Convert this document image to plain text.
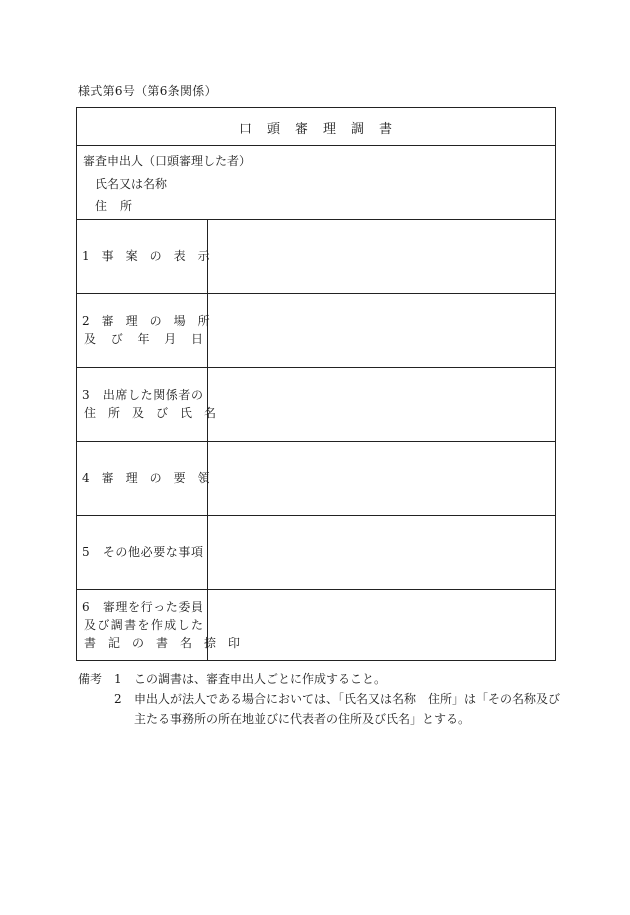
様式第6号（第6条関係）
口　頭　審　理　調　書
審査申出人（口頭審理した者）
氏名又は名称
住所
1　事　案　の　表　示
2　審　理　の　場　所
及　び　年　月　日
3　出席した関係者の
住　所　及　び　氏　名
4　審　理　の　要　領
5　その他必要な事項
6　審理を行った委員
及び調書を作成した
書　記　の　書　名　捺　印
備考 1 この調書は、審査申出人ごとに作成すること。
2 申出人が法人である場合においては、「氏名又は名称　住所」は「その名称及び
主たる事務所の所在地並びに代表者の住所及び氏名」とする。
